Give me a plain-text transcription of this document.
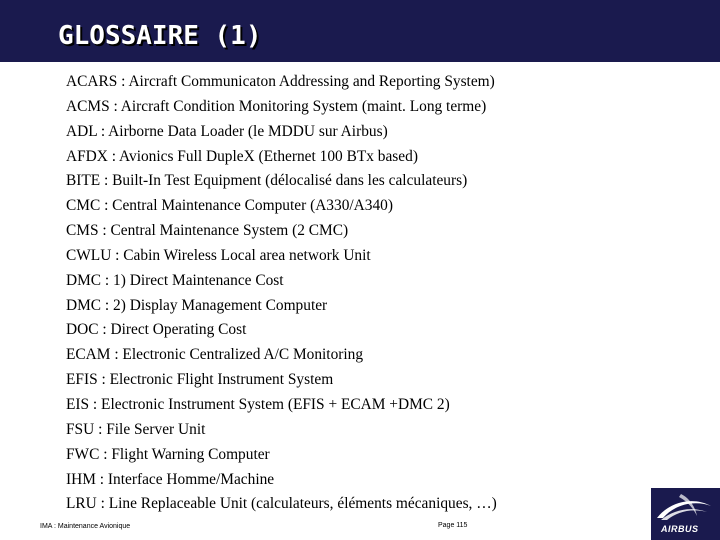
GLOSSAIRE (1)
ACARS : Aircraft Communicaton Addressing and Reporting System)
ACMS : Aircraft Condition Monitoring System (maint. Long terme)
ADL : Airborne Data Loader (le MDDU sur Airbus)
AFDX : Avionics Full DupleX (Ethernet 100 BTx based)
BITE : Built-In Test Equipment (délocalisé dans les calculateurs)
CMC : Central Maintenance Computer (A330/A340)
CMS : Central Maintenance System (2 CMC)
CWLU : Cabin Wireless Local area network Unit
DMC : 1) Direct Maintenance Cost
DMC : 2) Display Management Computer
DOC : Direct Operating Cost
ECAM : Electronic Centralized A/C Monitoring
EFIS : Electronic Flight Instrument System
EIS : Electronic Instrument System (EFIS + ECAM +DMC 2)
FSU : File Server Unit
FWC : Flight Warning Computer
IHM : Interface Homme/Machine
LRU : Line Replaceable Unit (calculateurs, éléments mécaniques, …)
IMA : Maintenance Avionique	Page 115	AIRBUS
